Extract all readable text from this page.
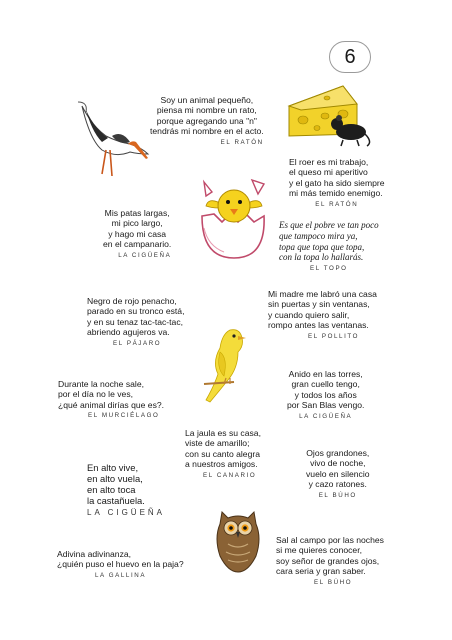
6
Soy un animal pequeño,
piensa mi nombre un rato,
porque agregando una "n"
tendrás mi nombre en el acto.
EL RATÓN
El roer es mi trabajo,
el queso mi aperitivo
y el gato ha sido siempre
mi más temido enemigo.
EL RATÓN
Mis patas largas,
mi pico largo,
y hago mi casa
en el campanario.
LA CIGÜEÑA
Es que el pobre ve tan poco
que tampoco mira ya,
topa que topa que topa,
con la topa lo hallarás.
EL TOPO
Negro de rojo penacho,
parado en su tronco está,
y en su tenaz tac-tac-tac,
abriendo agujeros va.
EL PÁJARO
Mi madre me labró una casa
sin puertas y sin ventanas,
y cuando quiero salir,
rompo antes las ventanas.
EL POLLITO
Durante la noche sale,
por el día no le ves,
¿qué animal dirías que es?.
EL MURCIÉLAGO
Anido en las torres,
gran cuello tengo,
y todos los años
por San Blas vengo.
LA CIGÜEÑA
La jaula es su casa,
viste de amarillo;
con su canto alegra
a nuestros amigos.
EL CANARIO
En alto vive,
en alto vuela,
en alto toca
la castañuela.
LA CIGÜEÑA
Ojos grandones,
vivo de noche,
vuelo en silencio
y cazo ratones.
EL BÚHO
Sal al campo por las noches
si me quieres conocer,
soy señor de grandes ojos,
cara seria y gran saber.
EL BÚHO
Adivina adivinanza,
¿quién puso el huevo en la paja?
LA GALLINA
